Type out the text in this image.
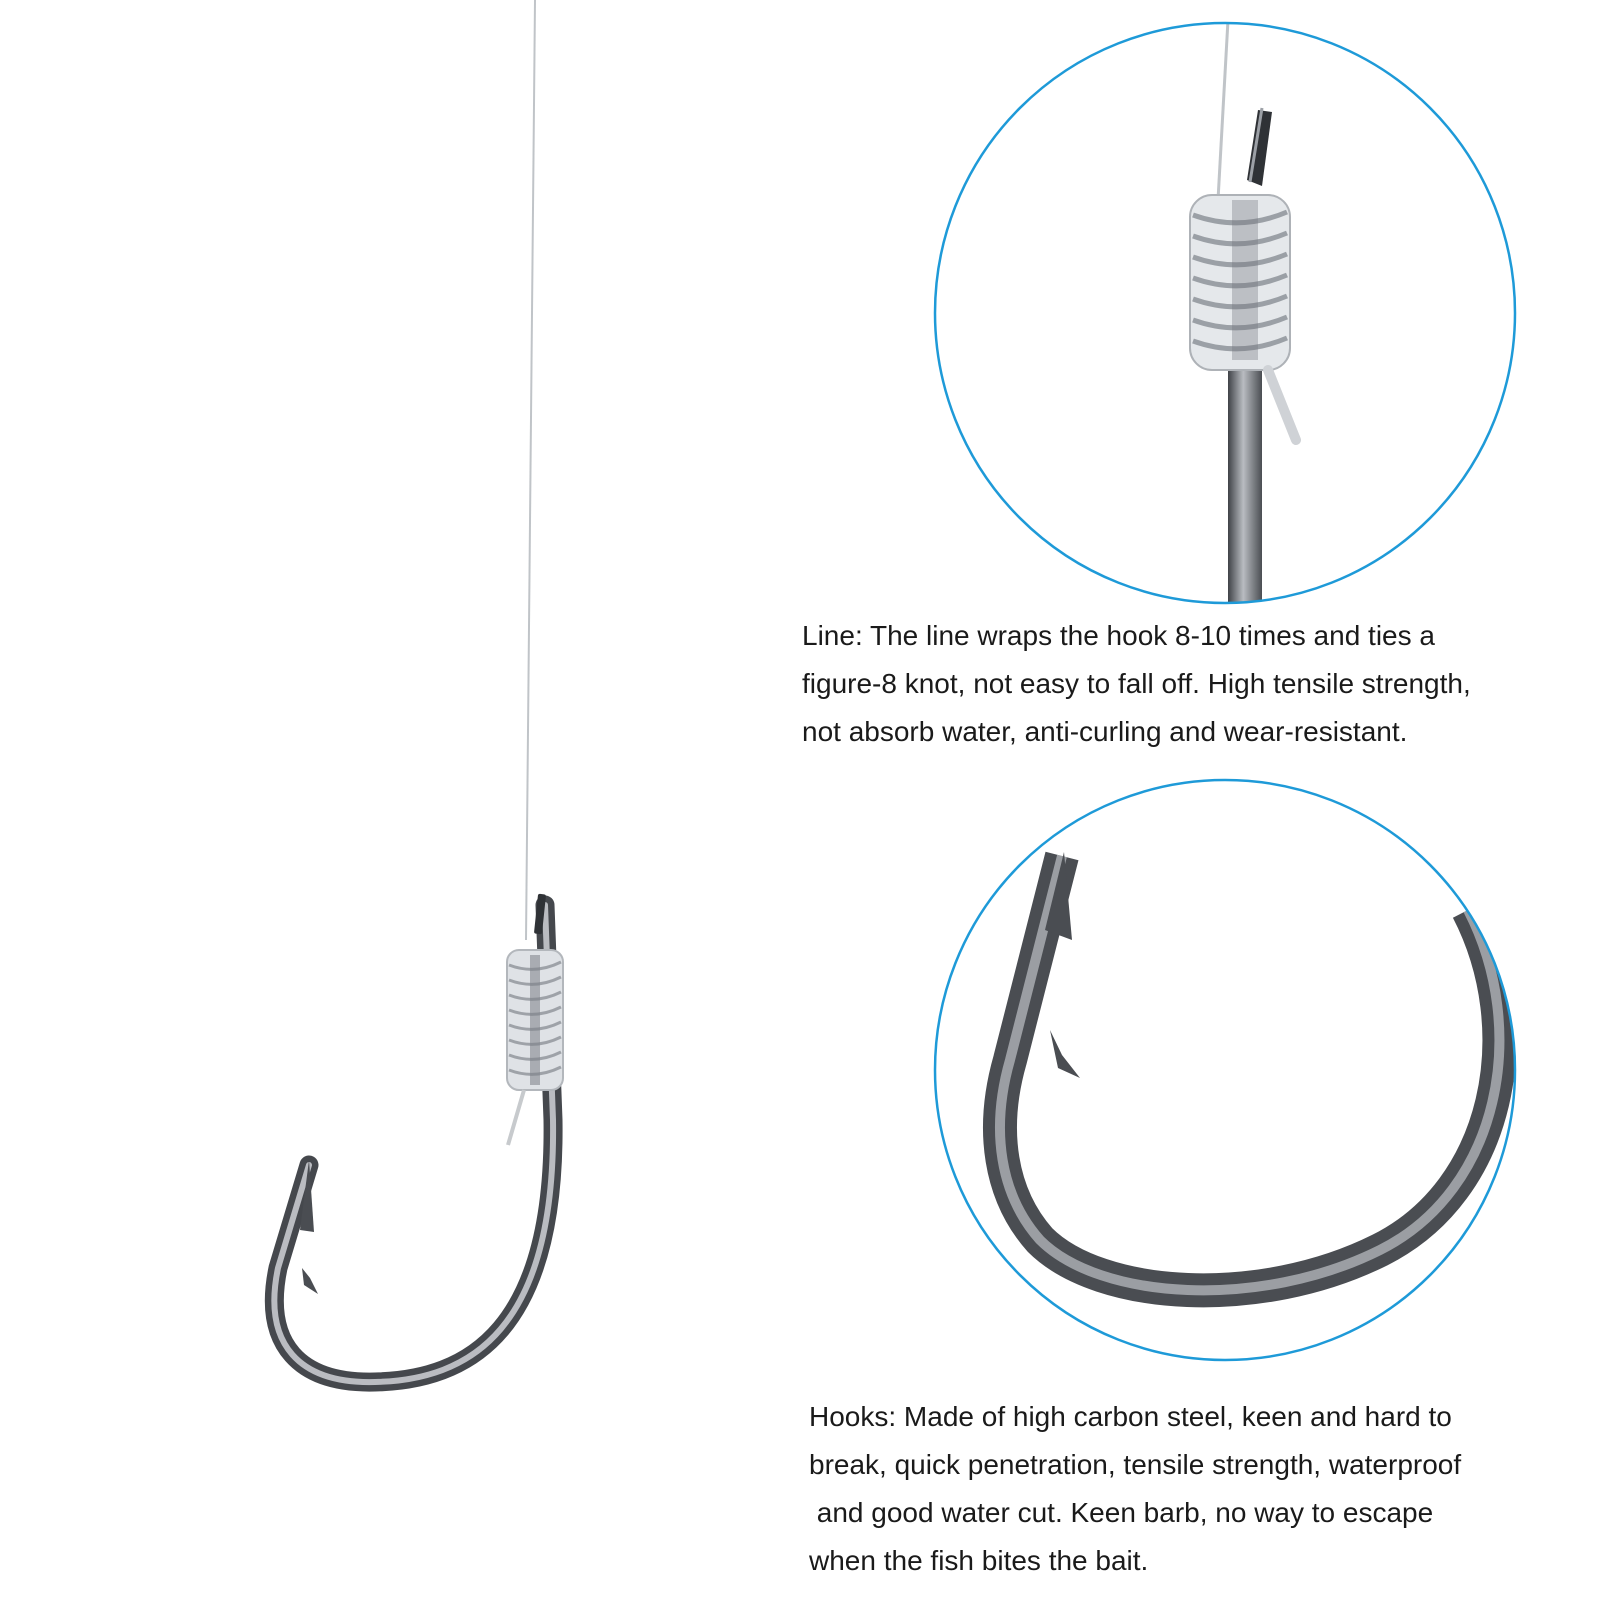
Line: The line wraps the hook 8-10 times and ties a
figure-8 knot, not easy to fall off. High tensile strength,
not absorb water, anti-curling and wear-resistant.
Hooks: Made of high carbon steel, keen and hard to
break, quick penetration, tensile strength, waterproof
and good water cut. Keen barb, no way to escape
when the fish bites the bait.
